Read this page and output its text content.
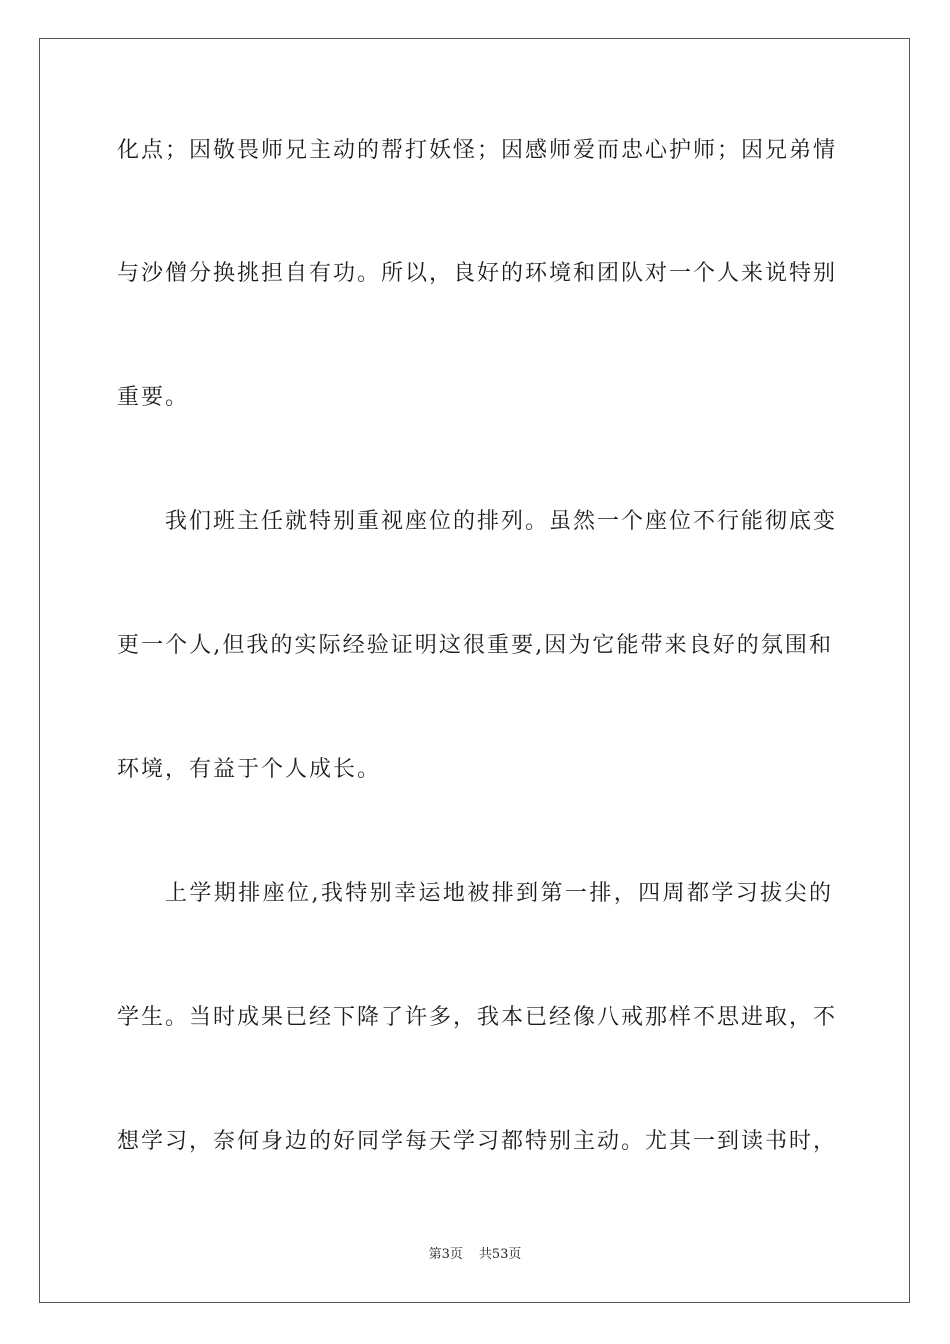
化点；因敬畏师兄主动的帮打妖怪；因感师爱而忠心护师；因兄弟情
与沙僧分换挑担自有功。所以，良好的环境和团队对一个人来说特别
重要。
我们班主任就特别重视座位的排列。虽然一个座位不行能彻底变
更一个人,但我的实际经验证明这很重要,因为它能带来良好的氛围和
环境，有益于个人成长。
上学期排座位,我特别幸运地被排到第一排，四周都学习拔尖的
学生。当时成果已经下降了许多，我本已经像八戒那样不思进取，不
想学习，奈何身边的好同学每天学习都特别主动。尤其一到读书时，
第3页 共53页
